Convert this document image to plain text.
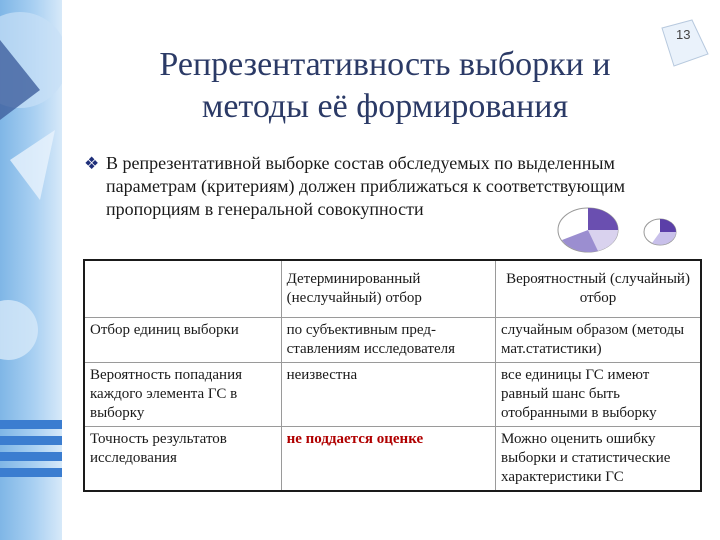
13
Репрезентативность выборки и
методы её формирования
❖ В репрезентативной выборке состав обследуемых по выделенным параметрам (критериям) должен приближаться к соответствующим пропорциям в генеральной совокупности
	Детерминированный (неслучайный) отбор	Вероятностный (случайный) отбор
Отбор единиц выборки	по субъективным пред-ставлениям исследователя	случайным образом (методы мат.статистики)
Вероятность попадания каждого элемента ГС в выборку	неизвестна	все единицы ГС имеют равный шанс быть отобранными в выборку
Точность результатов исследования	не поддается оценке	Можно оценить ошибку выборки и статистические характеристики ГС
